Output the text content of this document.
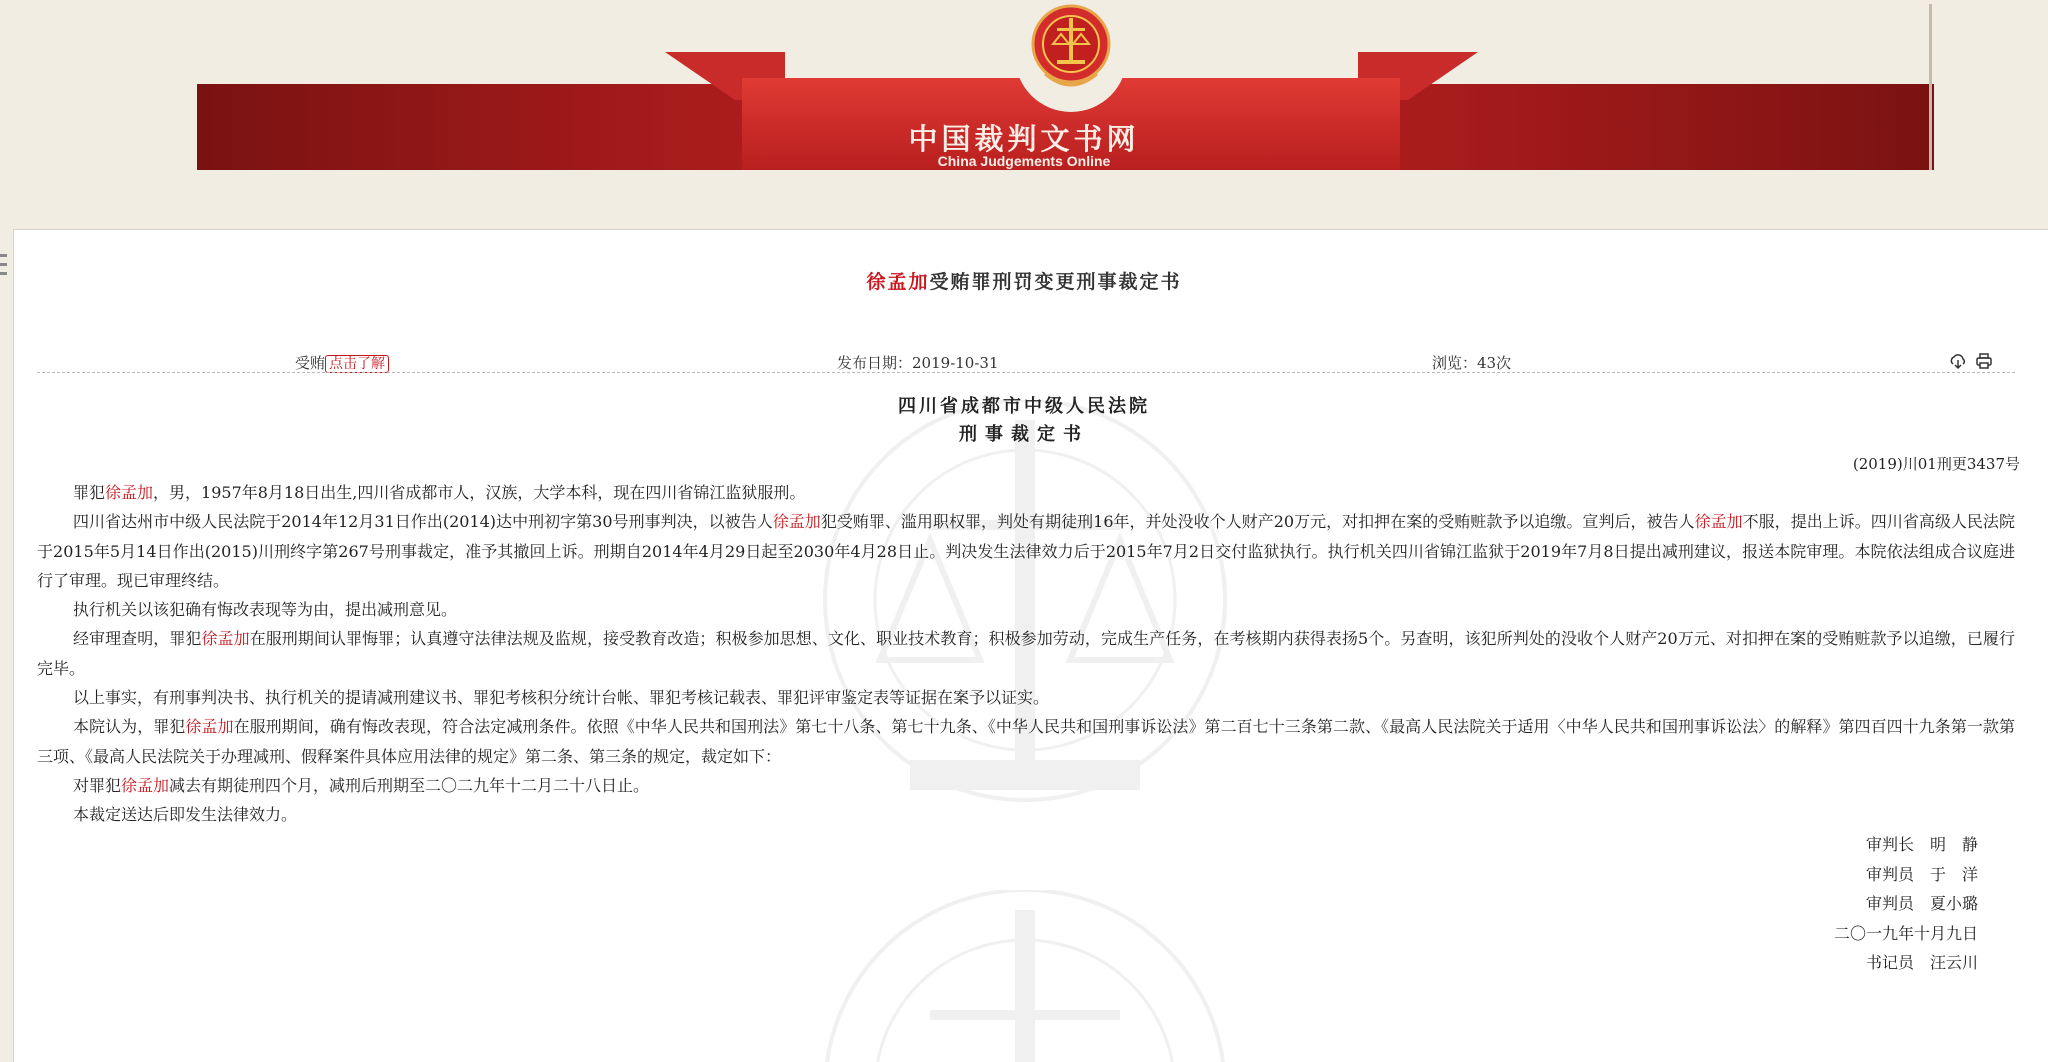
中国裁判文书网
China Judgements Online
徐孟加受贿罪刑罚变更刑事裁定书
受贿 点击了解	发布日期：2019-10-31	浏览：43次
四川省成都市中级人民法院
刑事裁定书
(2019)川01刑更3437号

罪犯徐孟加，男，1957年8月18日出生,四川省成都市人，汉族，大学本科，现在四川省锦江监狱服刑。

四川省达州市中级人民法院于2014年12月31日作出(2014)达中刑初字第30号刑事判决，以被告人徐孟加犯受贿罪、滥用职权罪，判处有期徒刑16年，并处没收个人财产20万元，对扣押在案的受贿赃款予以追缴。宣判后，被告人徐孟加不服，提出上诉。四川省高级人民法院于2015年5月14日作出(2015)川刑终字第267号刑事裁定，准予其撤回上诉。刑期自2014年4月29日起至2030年4月28日止。判决发生法律效力后于2015年7月2日交付监狱执行。执行机关四川省锦江监狱于2019年7月8日提出减刑建议，报送本院审理。本院依法组成合议庭进行了审理。现已审理终结。

执行机关以该犯确有悔改表现等为由，提出减刑意见。

经审理查明，罪犯徐孟加在服刑期间认罪悔罪；认真遵守法律法规及监规，接受教育改造；积极参加思想、文化、职业技术教育；积极参加劳动，完成生产任务，在考核期内获得表扬5个。另查明，该犯所判处的没收个人财产20万元、对扣押在案的受贿赃款予以追缴，已履行完毕。

以上事实，有刑事判决书、执行机关的提请减刑建议书、罪犯考核积分统计台帐、罪犯考核记载表、罪犯评审鉴定表等证据在案予以证实。

本院认为，罪犯徐孟加在服刑期间，确有悔改表现，符合法定减刑条件。依照《中华人民共和国刑法》第七十八条、第七十九条、《中华人民共和国刑事诉讼法》第二百七十三条第二款、《最高人民法院关于适用〈中华人民共和国刑事诉讼法〉的解释》第四百四十九条第一款第三项、《最高人民法院关于办理减刑、假释案件具体应用法律的规定》第二条、第三条的规定，裁定如下：

对罪犯徐孟加减去有期徒刑四个月，减刑后刑期至二〇二九年十二月二十八日止。

本裁定送达后即发生法律效力。

审判长　明　静
审判员　于　洋
审判员　夏小璐
二〇一九年十月九日
书记员　汪云川
